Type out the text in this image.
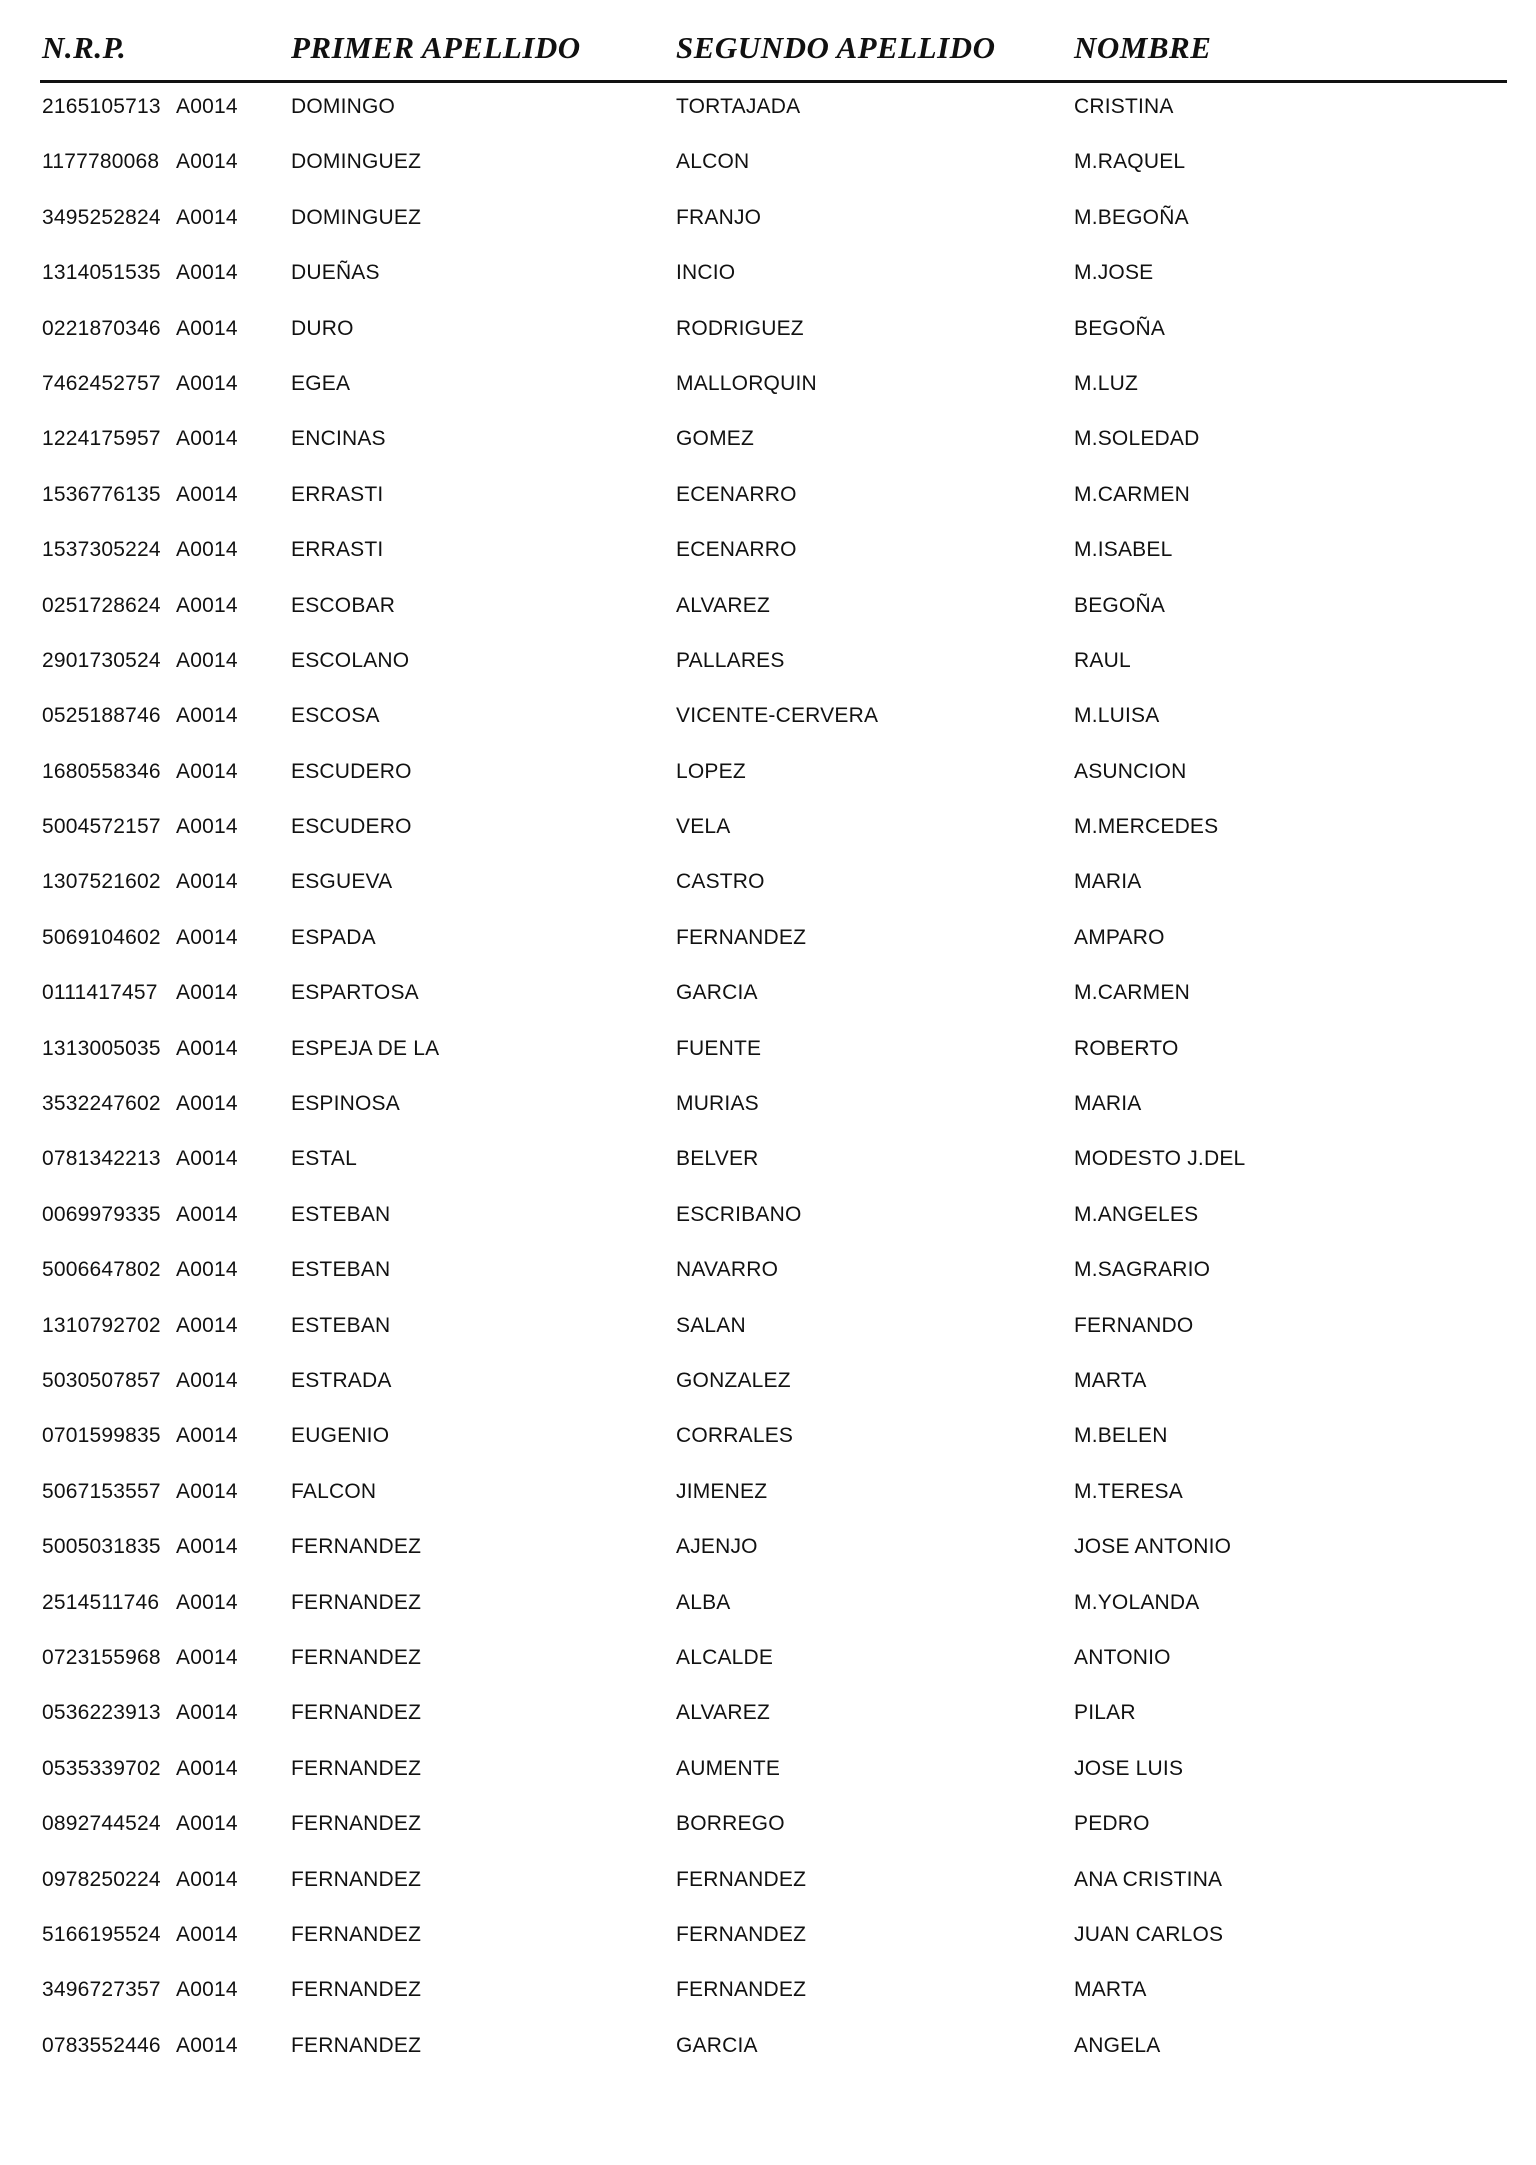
N.R.P.	PRIMER APELLIDO	SEGUNDO APELLIDO	NOMBRE
2165105713 A0014	DOMINGO	TORTAJADA	CRISTINA
1177780068 A0014	DOMINGUEZ	ALCON	M.RAQUEL
3495252824 A0014	DOMINGUEZ	FRANJO	M.BEGOÑA
1314051535 A0014	DUEÑAS	INCIO	M.JOSE
0221870346 A0014	DURO	RODRIGUEZ	BEGOÑA
7462452757 A0014	EGEA	MALLORQUIN	M.LUZ
1224175957 A0014	ENCINAS	GOMEZ	M.SOLEDAD
1536776135 A0014	ERRASTI	ECENARRO	M.CARMEN
1537305224 A0014	ERRASTI	ECENARRO	M.ISABEL
0251728624 A0014	ESCOBAR	ALVAREZ	BEGOÑA
2901730524 A0014	ESCOLANO	PALLARES	RAUL
0525188746 A0014	ESCOSA	VICENTE-CERVERA	M.LUISA
1680558346 A0014	ESCUDERO	LOPEZ	ASUNCION
5004572157 A0014	ESCUDERO	VELA	M.MERCEDES
1307521602 A0014	ESGUEVA	CASTRO	MARIA
5069104602 A0014	ESPADA	FERNANDEZ	AMPARO
0111417457 A0014	ESPARTOSA	GARCIA	M.CARMEN
1313005035 A0014	ESPEJA DE LA	FUENTE	ROBERTO
3532247602 A0014	ESPINOSA	MURIAS	MARIA
0781342213 A0014	ESTAL	BELVER	MODESTO J.DEL
0069979335 A0014	ESTEBAN	ESCRIBANO	M.ANGELES
5006647802 A0014	ESTEBAN	NAVARRO	M.SAGRARIO
1310792702 A0014	ESTEBAN	SALAN	FERNANDO
5030507857 A0014	ESTRADA	GONZALEZ	MARTA
0701599835 A0014	EUGENIO	CORRALES	M.BELEN
5067153557 A0014	FALCON	JIMENEZ	M.TERESA
5005031835 A0014	FERNANDEZ	AJENJO	JOSE ANTONIO
2514511746 A0014	FERNANDEZ	ALBA	M.YOLANDA
0723155968 A0014	FERNANDEZ	ALCALDE	ANTONIO
0536223913 A0014	FERNANDEZ	ALVAREZ	PILAR
0535339702 A0014	FERNANDEZ	AUMENTE	JOSE LUIS
0892744524 A0014	FERNANDEZ	BORREGO	PEDRO
0978250224 A0014	FERNANDEZ	FERNANDEZ	ANA CRISTINA
5166195524 A0014	FERNANDEZ	FERNANDEZ	JUAN CARLOS
3496727357 A0014	FERNANDEZ	FERNANDEZ	MARTA
0783552446 A0014	FERNANDEZ	GARCIA	ANGELA
